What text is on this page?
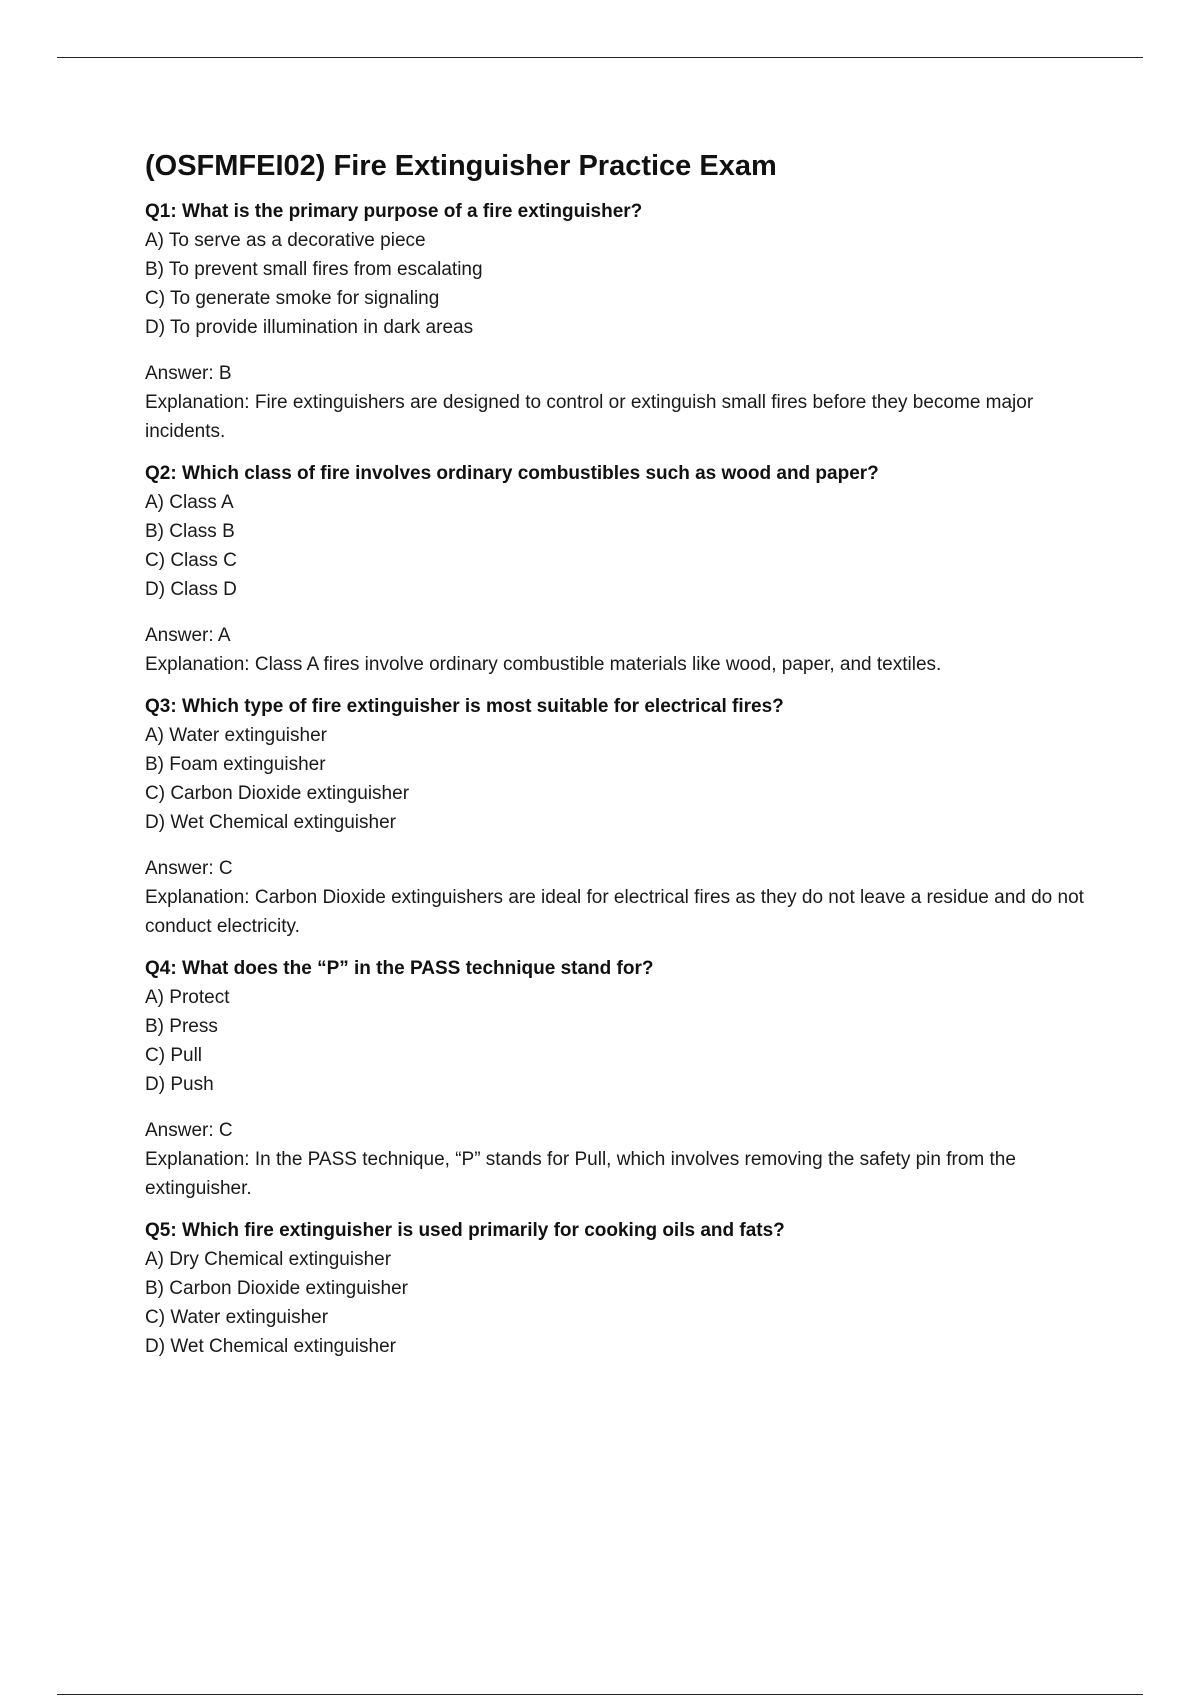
(OSFMFEI02) Fire Extinguisher Practice Exam

Q1: What is the primary purpose of a fire extinguisher?

A) To serve as a decorative piece
B) To prevent small fires from escalating
C) To generate smoke for signaling
D) To provide illumination in dark areas

Answer: B

Explanation: Fire extinguishers are designed to control or extinguish small fires before they become major incidents.

Q2: Which class of fire involves ordinary combustibles such as wood and paper?

A) Class A
B) Class B
C) Class C
D) Class D

Answer: A

Explanation: Class A fires involve ordinary combustible materials like wood, paper, and textiles.

Q3: Which type of fire extinguisher is most suitable for electrical fires?

A) Water extinguisher
B) Foam extinguisher
C) Carbon Dioxide extinguisher
D) Wet Chemical extinguisher

Answer: C

Explanation: Carbon Dioxide extinguishers are ideal for electrical fires as they do not leave a residue and do not conduct electricity.

Q4: What does the “P” in the PASS technique stand for?

A) Protect
B) Press
C) Pull
D) Push

Answer: C

Explanation: In the PASS technique, “P” stands for Pull, which involves removing the safety pin from the extinguisher.

Q5: Which fire extinguisher is used primarily for cooking oils and fats?

A) Dry Chemical extinguisher
B) Carbon Dioxide extinguisher
C) Water extinguisher
D) Wet Chemical extinguisher
